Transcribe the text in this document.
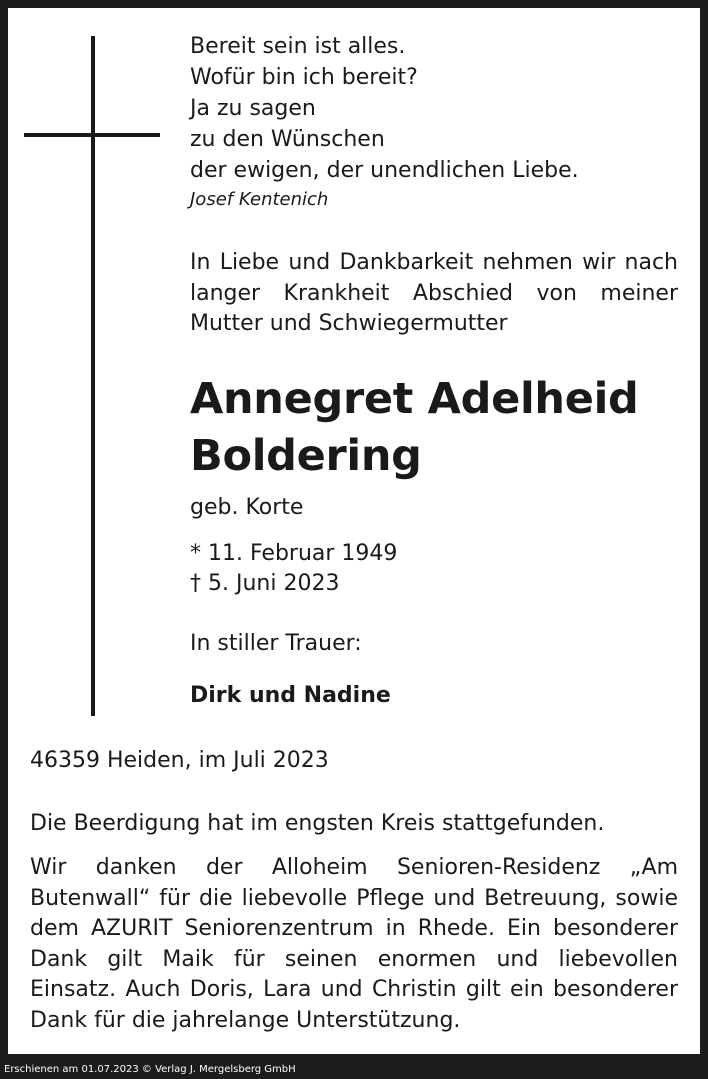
Bereit sein ist alles.
Wofür bin ich bereit?
Ja zu sagen
zu den Wünschen
der ewigen, der unendlichen Liebe.
Josef Kentenich
In Liebe und Dankbarkeit nehmen wir nach langer Krankheit Abschied von meiner Mutter und Schwiegermutter
Annegret Adelheid
Boldering
geb. Korte
* 11. Februar 1949
† 5. Juni 2023
In stiller Trauer:
Dirk und Nadine
46359 Heiden, im Juli 2023
Die Beerdigung hat im engsten Kreis stattgefunden.
Wir danken der Alloheim Senioren-Residenz „Am Butenwall“ für die liebevolle Pflege und Betreuung, sowie dem AZURIT Seniorenzentrum in Rhede. Ein besonderer Dank gilt Maik für seinen enormen und liebevollen Einsatz. Auch Doris, Lara und Christin gilt ein besonderer Dank für die jahrelange Unterstützung.
Erschienen am 01.07.2023 © Verlag J. Mergelsberg GmbH
